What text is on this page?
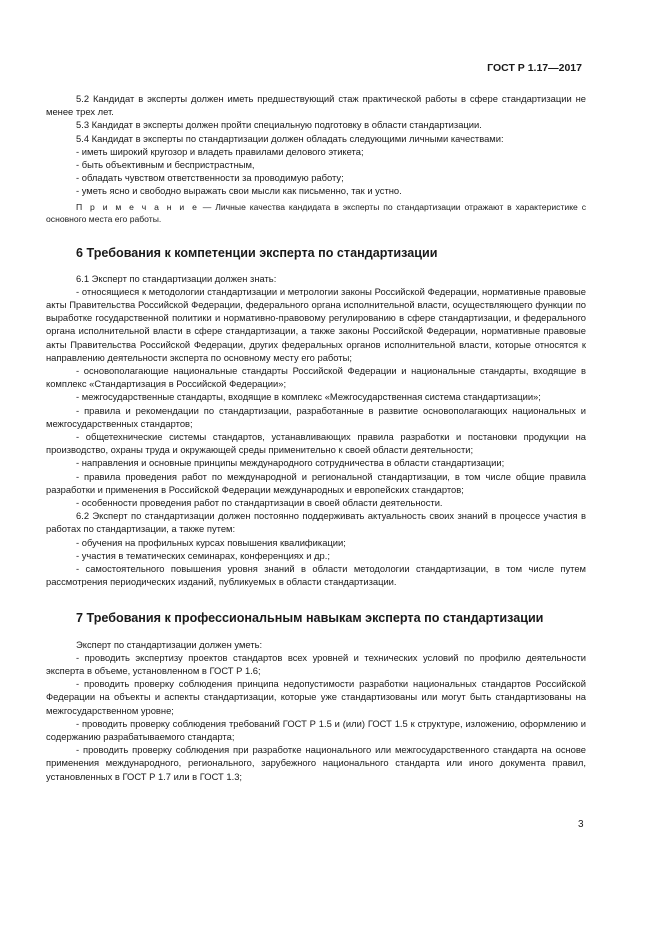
ГОСТ Р 1.17—2017

5.2 Кандидат в эксперты должен иметь предшествующий стаж практической работы в сфере стандартизации не менее трех лет.

5.3 Кандидат в эксперты должен пройти специальную подготовку в области стандартизации.

5.4 Кандидат в эксперты по стандартизации должен обладать следующими личными качествами:

- иметь широкий кругозор и владеть правилами делового этикета;

- быть объективным и беспристрастным,

- обладать чувством ответственности за проводимую работу;

- уметь ясно и свободно выражать свои мысли как письменно, так и устно.

П р и м е ч а н и е — Личные качества кандидата в эксперты по стандартизации отражают в характеристике с основного места его работы.

6 Требования к компетенции эксперта по стандартизации

6.1 Эксперт по стандартизации должен знать:

- относящиеся к методологии стандартизации и метрологии законы Российской Федерации, нормативные правовые акты Правительства Российской Федерации, федерального органа исполнительной власти, осуществляющего функции по выработке государственной политики и нормативно-правовому регулированию в сфере стандартизации, и федерального органа исполнительной власти в сфере стандартизации, а также законы Российской Федерации, нормативные правовые акты Правительства Российской Федерации, других федеральных органов исполнительной власти, которые относятся к направлению деятельности эксперта по основному месту его работы;

- основополагающие национальные стандарты Российской Федерации и национальные стандарты, входящие в комплекс «Стандартизация в Российской Федерации»;

- межгосударственные стандарты, входящие в комплекс «Межгосударственная система стандартизации»;

- правила и рекомендации по стандартизации, разработанные в развитие основополагающих национальных и межгосударственных стандартов;

- общетехнические системы стандартов, устанавливающих правила разработки и постановки продукции на производство, охраны труда и окружающей среды применительно к своей области деятельности;

- направления и основные принципы международного сотрудничества в области стандартизации;

- правила проведения работ по международной и региональной стандартизации, в том числе общие правила разработки и применения в Российской Федерации международных и европейских стандартов;

- особенности проведения работ по стандартизации в своей области деятельности.

6.2 Эксперт по стандартизации должен постоянно поддерживать актуальность своих знаний в процессе участия в работах по стандартизации, а также путем:

- обучения на профильных курсах повышения квалификации;

- участия в тематических семинарах, конференциях и др.;

- самостоятельного повышения уровня знаний в области методологии стандартизации, в том числе путем рассмотрения периодических изданий, публикуемых в области стандартизации.

7 Требования к профессиональным навыкам эксперта по стандартизации

Эксперт по стандартизации должен уметь:

- проводить экспертизу проектов стандартов всех уровней и технических условий по профилю деятельности эксперта в объеме, установленном в ГОСТ Р 1.6;

- проводить проверку соблюдения принципа недопустимости разработки национальных стандартов Российской Федерации на объекты и аспекты стандартизации, которые уже стандартизованы или могут быть стандартизованы на межгосударственном уровне;

- проводить проверку соблюдения требований ГОСТ Р 1.5 и (или) ГОСТ 1.5 к структуре, изложению, оформлению и содержанию разрабатываемого стандарта;

- проводить проверку соблюдения при разработке национального или межгосударственного стандарта на основе применения международного, регионального, зарубежного национального стандарта или иного документа правил, установленных в ГОСТ Р 1.7 или в ГОСТ 1.3;

3
